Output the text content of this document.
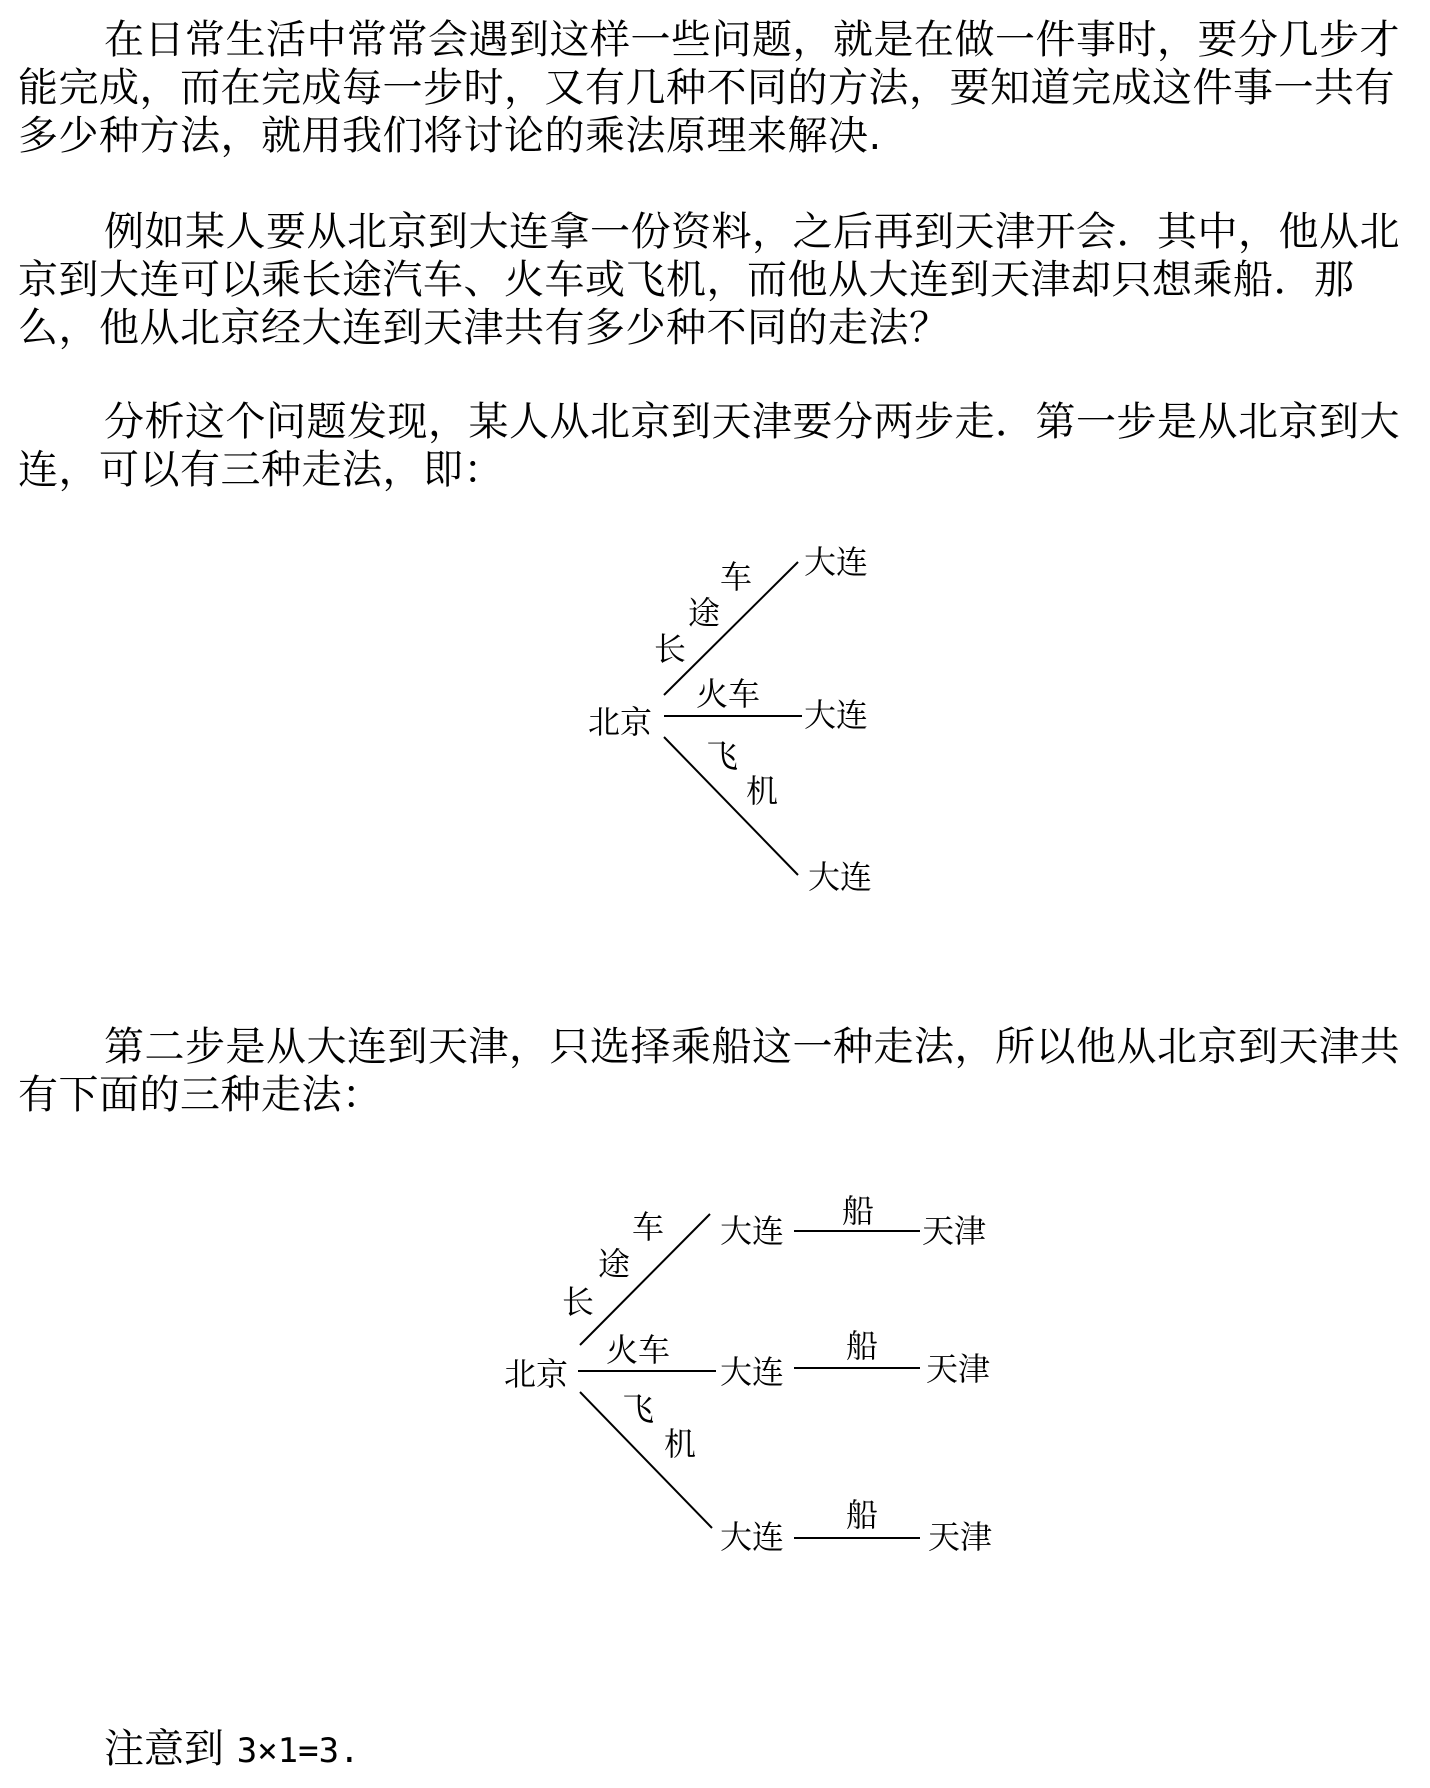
在日常生活中常常会遇到这样一些问题，就是在做一件事时，要分几步才能完成，而在完成每一步时，又有几种不同的方法，要知道完成这件事一共有多少种方法，就用我们将讨论的乘法原理来解决.

例如某人要从北京到大连拿一份资料，之后再到天津开会．其中，他从北京到大连可以乘长途汽车、火车或飞机，而他从大连到天津却只想乘船．那么，他从北京经大连到天津共有多少种不同的走法？

分析这个问题发现，某人从北京到天津要分两步走．第一步是从北京到大连，可以有三种走法，即：

北京
大连
大连
大连
长
途
车
火车
飞
机

第二步是从大连到天津，只选择乘船这一种走法，所以他从北京到天津共有下面的三种走法：

北京
大连
大连
大连
船
船
船
天津
天津
天津
长
途
车
火车
飞
机

注意到 3×1=3.
